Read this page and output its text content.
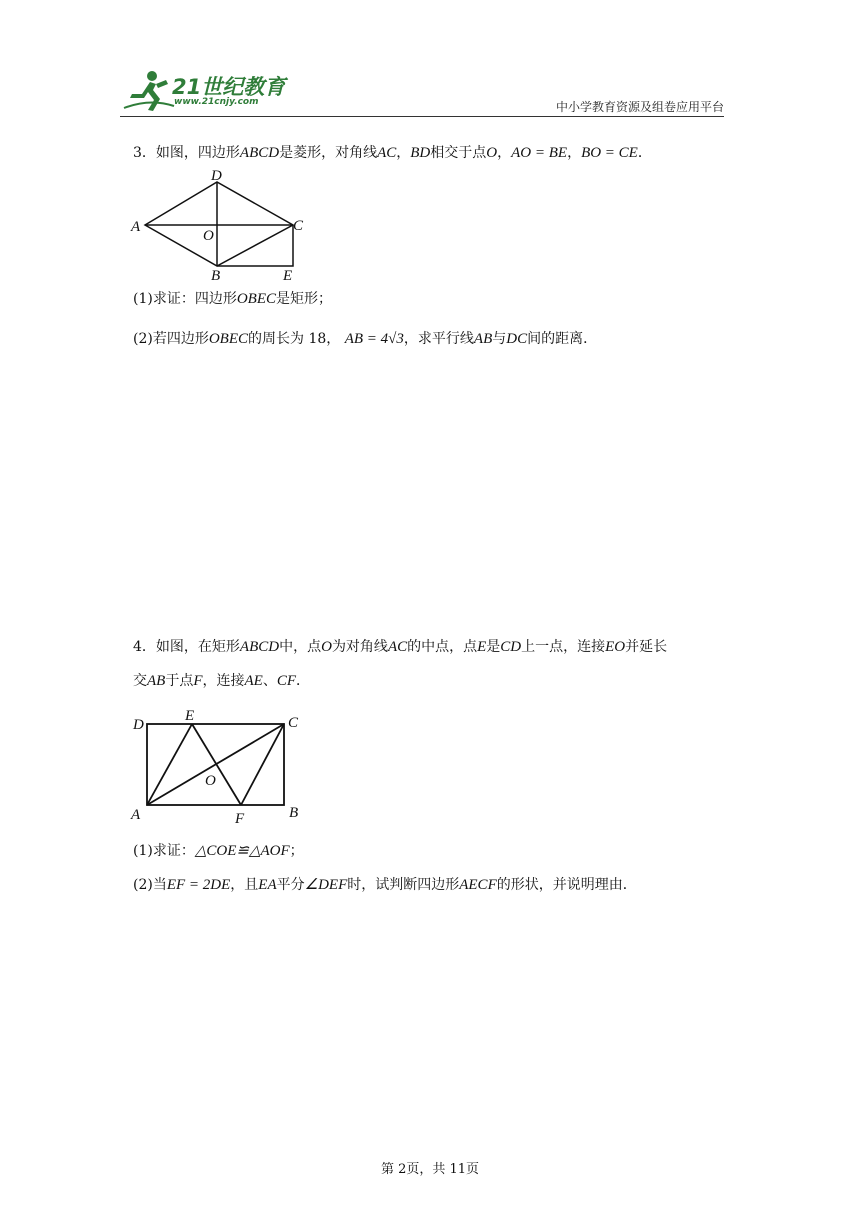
21世纪教育
www.21cnjy.com	中小学教育资源及组卷应用平台
3．如图，四边形ABCD是菱形，对角线AC，BD相交于点O，AO = BE，BO = CE．
A
D
C
O
B	E
(1)求证：四边形OBEC是矩形；
(2)若四边形OBEC的周长为 18， AB = 4√3，求平行线AB与DC间的距离．
4．如图，在矩形ABCD中，点O为对角线AC的中点，点E是CD上一点，连接EO并延长
交AB于点F，连接AE、CF．
D
E	C
O
A	F	B
(1)求证：△COE≌△AOF；
(2)当EF = 2DE，且EA平分∠DEF时，试判断四边形AECF的形状，并说明理由．
第 2页，共 11页
